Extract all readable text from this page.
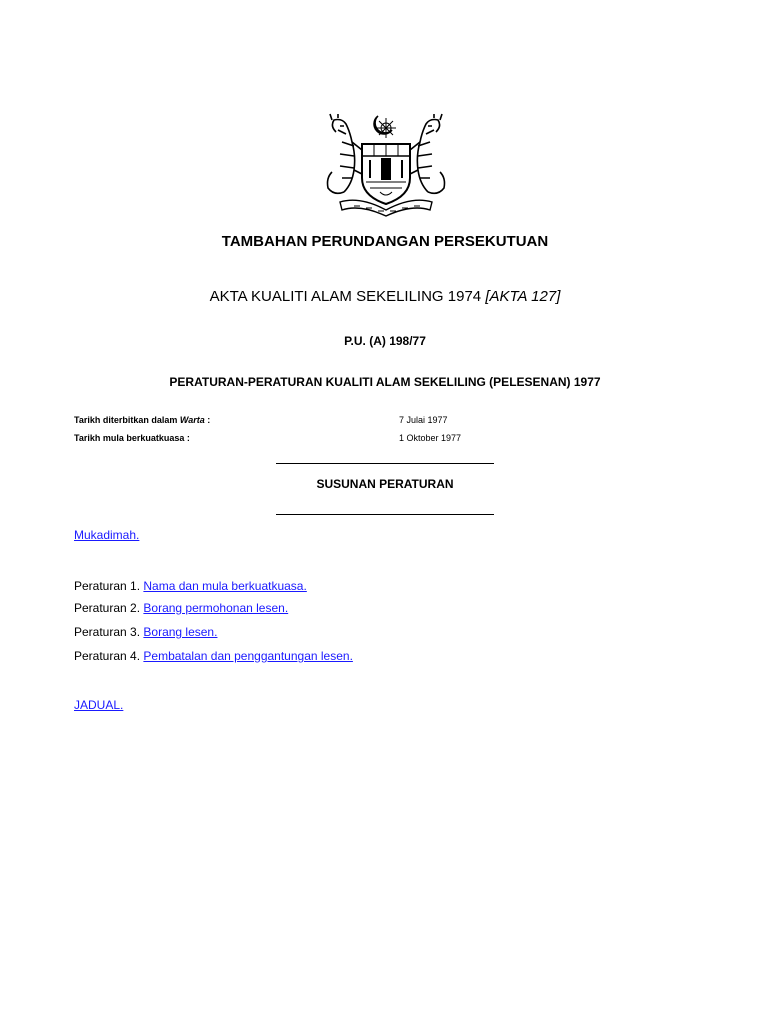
TAMBAHAN PERUNDANGAN PERSEKUTUAN
AKTA KUALITI ALAM SEKELILING 1974 [AKTA 127]
P.U. (A) 198/77
PERATURAN-PERATURAN KUALITI ALAM SEKELILING (PELESENAN) 1977
Tarikh diterbitkan dalam Warta :	7 Julai 1977
Tarikh mula berkuatkuasa :	1 Oktober 1977
SUSUNAN PERATURAN
Mukadimah.
Peraturan 1. Nama dan mula berkuatkuasa.
Peraturan 2. Borang permohonan lesen.
Peraturan 3. Borang lesen.
Peraturan 4. Pembatalan dan penggantungan lesen.
JADUAL.
